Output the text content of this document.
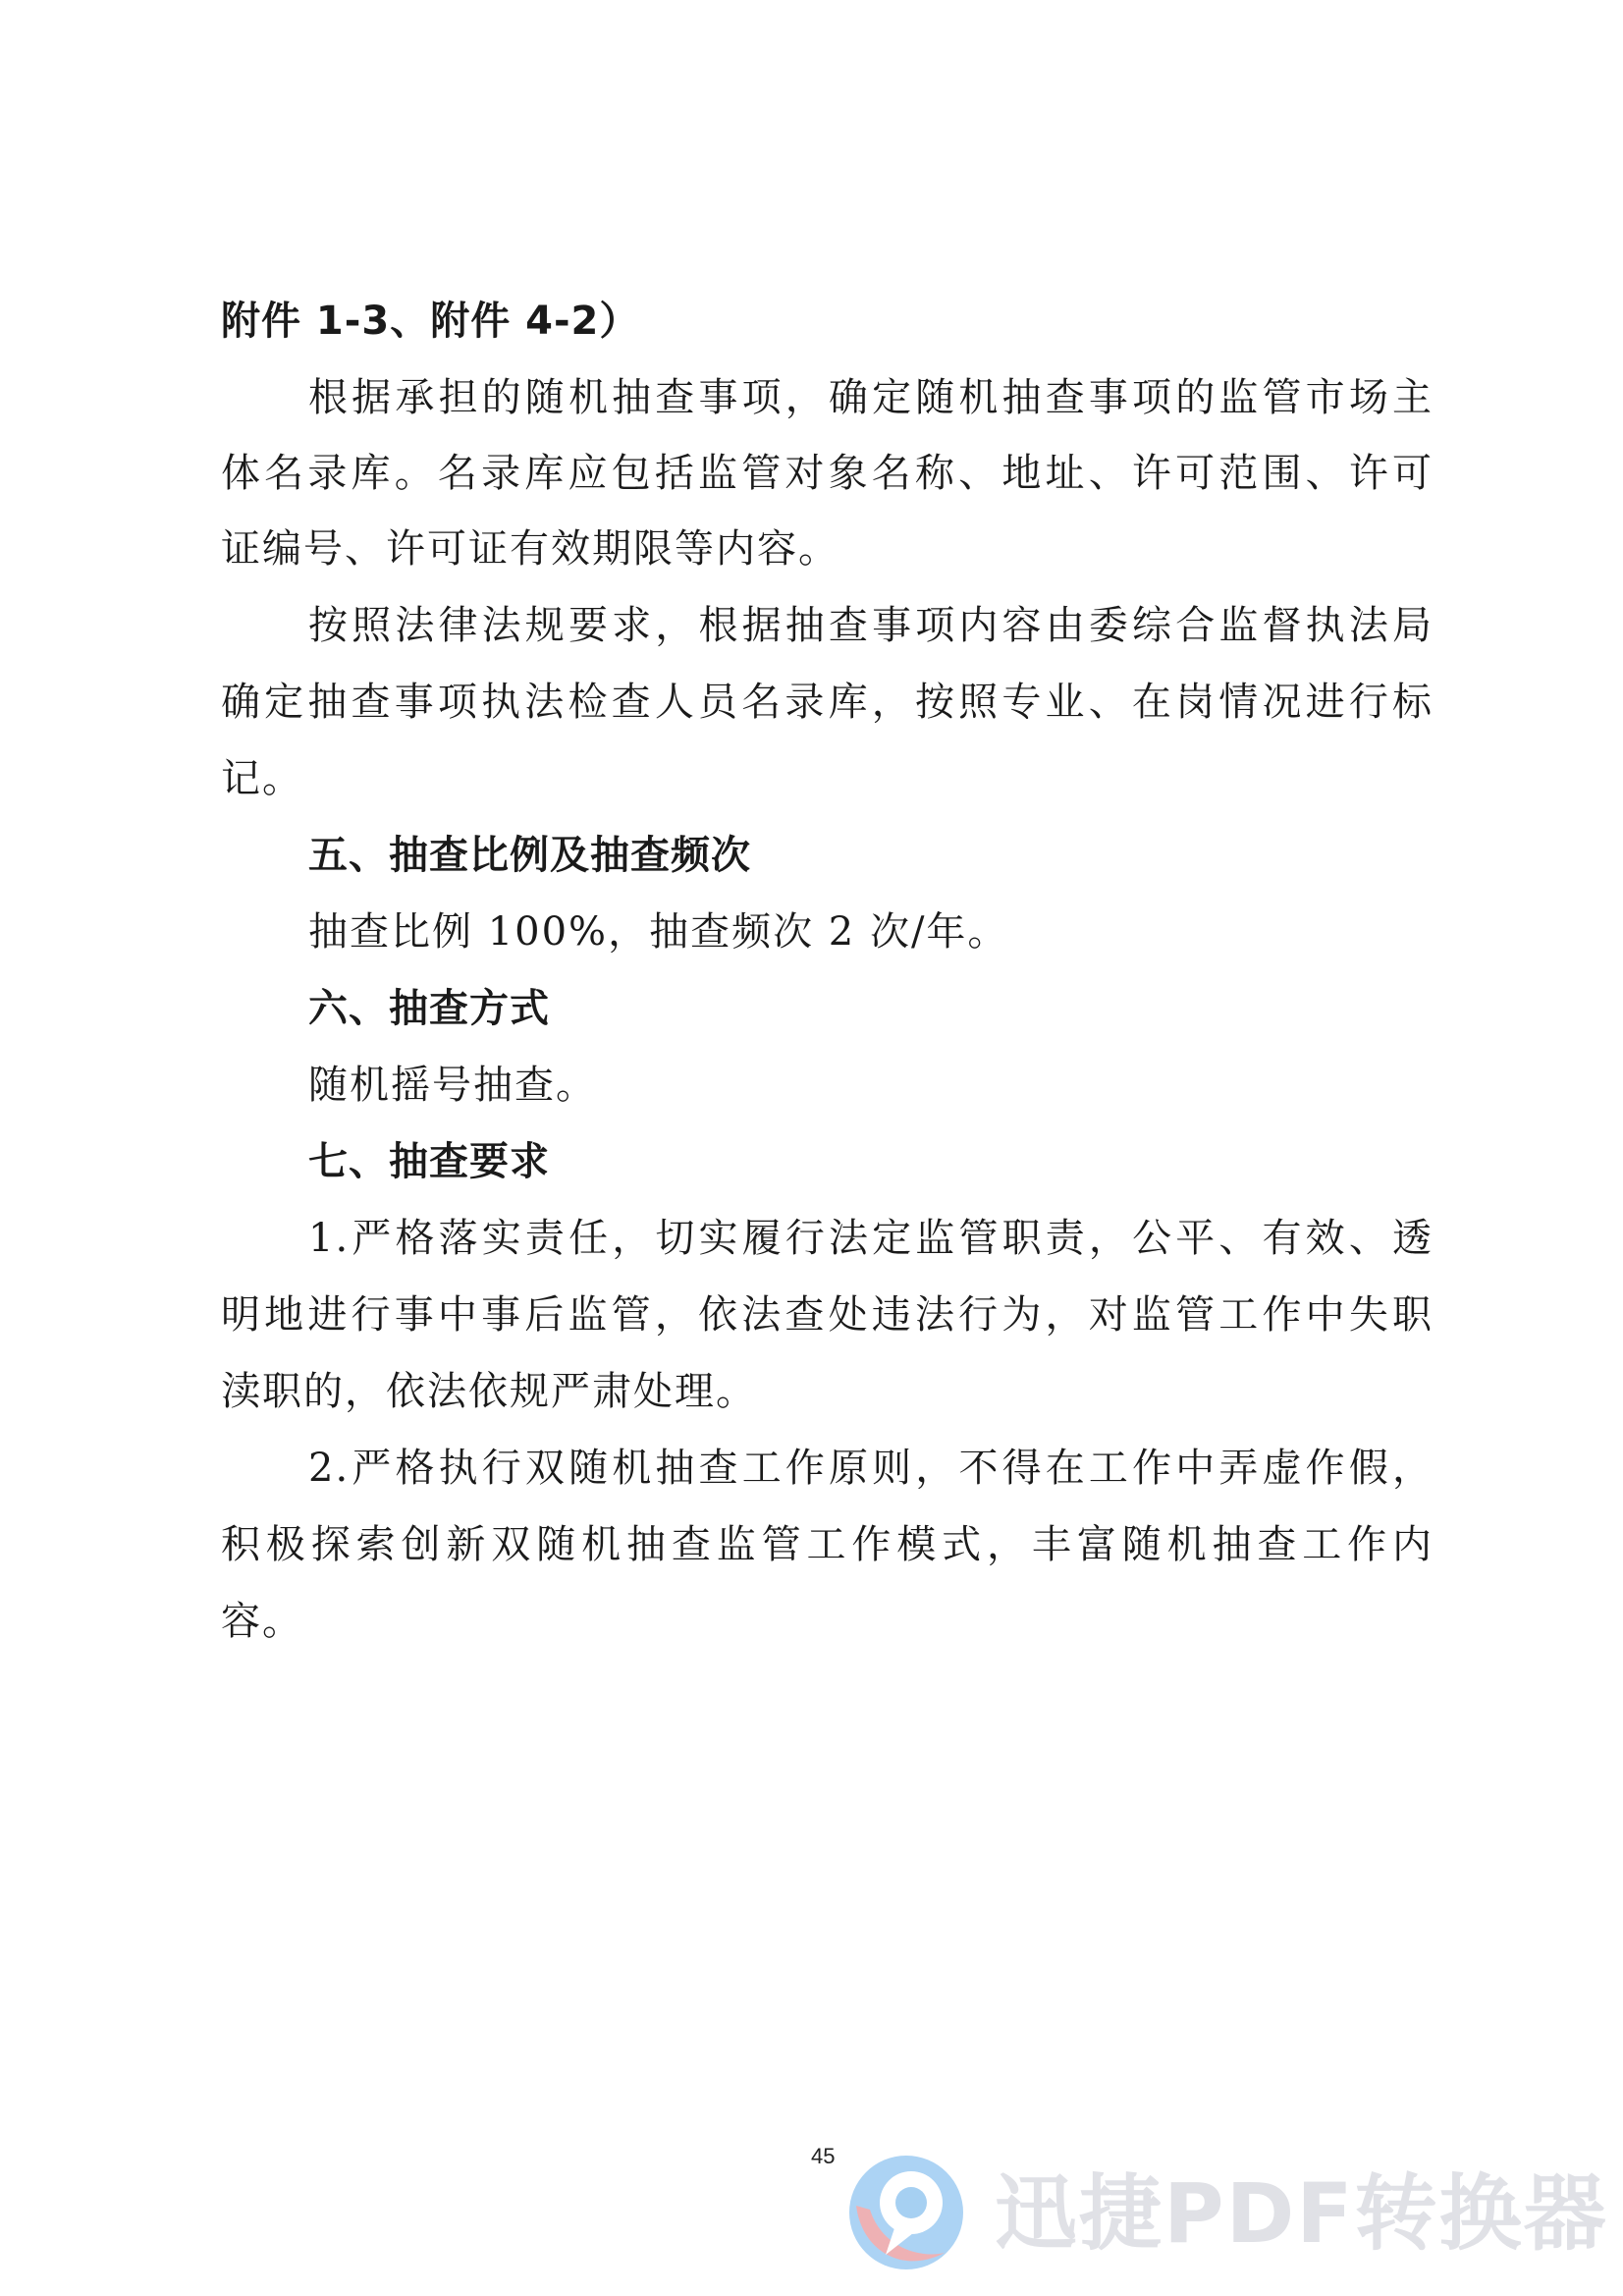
附件 1-3、附件 4-2）
根据承担的随机抽查事项，确定随机抽查事项的监管市场主
体名录库。名录库应包括监管对象名称、地址、许可范围、许可
证编号、许可证有效期限等内容。
按照法律法规要求，根据抽查事项内容由委综合监督执法局
确定抽查事项执法检查人员名录库，按照专业、在岗情况进行标
记。
五、抽查比例及抽查频次
抽查比例 100%，抽查频次 2 次/年。
六、抽查方式
随机摇号抽查。
七、抽查要求
1.严格落实责任，切实履行法定监管职责，公平、有效、透
明地进行事中事后监管，依法查处违法行为，对监管工作中失职
渎职的，依法依规严肃处理。
2.严格执行双随机抽查工作原则，不得在工作中弄虚作假，
积极探索创新双随机抽查监管工作模式，丰富随机抽查工作内
容。
45
迅捷PDF转换器
